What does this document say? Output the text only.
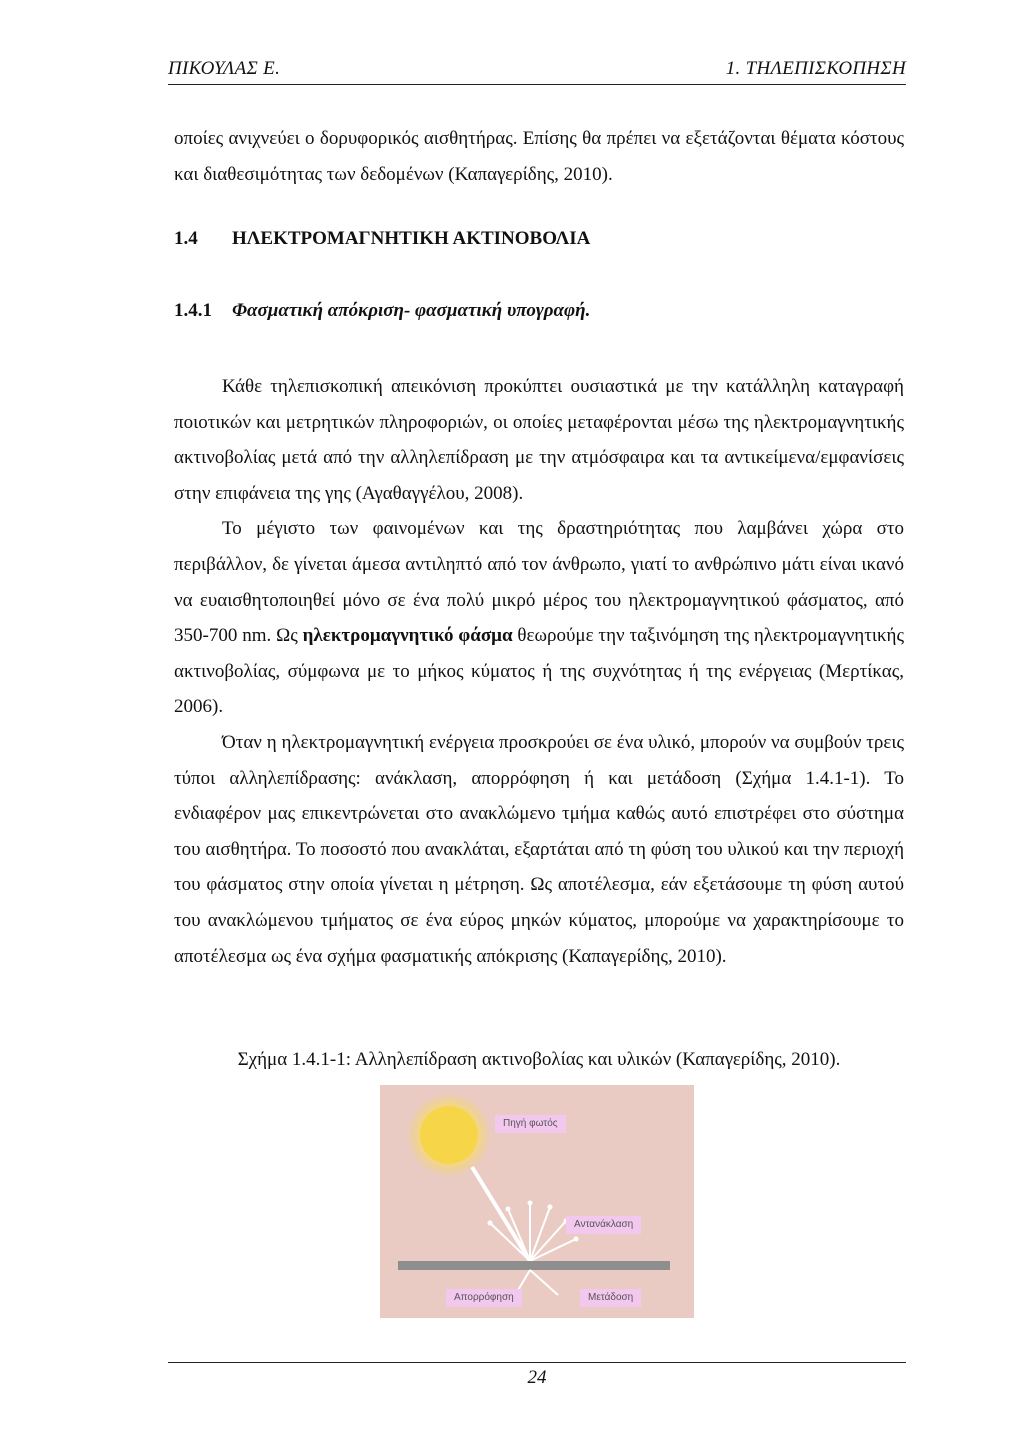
ΠΙΚΟΥΛΑΣ Ε.	1. ΤΗΛΕΠΙΣΚΟΠΗΣΗ

οποίες ανιχνεύει ο δορυφορικός αισθητήρας. Επίσης θα πρέπει να εξετάζονται θέματα κόστους και διαθεσιμότητας των δεδομένων (Καπαγερίδης, 2010).

1.4 ΗΛΕΚΤΡΟΜΑΓΝΗΤΙΚΗ ΑΚΤΙΝΟΒΟΛΙΑ
1.4.1 Φασματική απόκριση- φασματική υπογραφή.

Κάθε τηλεπισκοπική απεικόνιση προκύπτει ουσιαστικά με την κατάλληλη καταγραφή ποιοτικών και μετρητικών πληροφοριών, οι οποίες μεταφέρονται μέσω της ηλεκτρομαγνητικής ακτινοβολίας μετά από την αλληλεπίδραση με την ατμόσφαιρα και τα αντικείμενα/εμφανίσεις στην επιφάνεια της γης (Αγαθαγγέλου, 2008).

Το μέγιστο των φαινομένων και της δραστηριότητας που λαμβάνει χώρα στο περιβάλλον, δε γίνεται άμεσα αντιληπτό από τον άνθρωπο, γιατί το ανθρώπινο μάτι είναι ικανό να ευαισθητοποιηθεί μόνο σε ένα πολύ μικρό μέρος του ηλεκτρομαγνητικού φάσματος, από 350-700 nm. Ως ηλεκτρομαγνητικό φάσμα θεωρούμε την ταξινόμηση της ηλεκτρομαγνητικής ακτινοβολίας, σύμφωνα με το μήκος κύματος ή της συχνότητας ή της ενέργειας (Μερτίκας, 2006).

Όταν η ηλεκτρομαγνητική ενέργεια προσκρούει σε ένα υλικό, μπορούν να συμβούν τρεις τύποι αλληλεπίδρασης: ανάκλαση, απορρόφηση ή και μετάδοση (Σχήμα 1.4.1-1). Το ενδιαφέρον μας επικεντρώνεται στο ανακλώμενο τμήμα καθώς αυτό επιστρέφει στο σύστημα του αισθητήρα. Το ποσοστό που ανακλάται, εξαρτάται από τη φύση του υλικού και την περιοχή του φάσματος στην οποία γίνεται η μέτρηση. Ως αποτέλεσμα, εάν εξετάσουμε τη φύση αυτού του ανακλώμενου τμήματος σε ένα εύρος μηκών κύματος, μπορούμε να χαρακτηρίσουμε το αποτέλεσμα ως ένα σχήμα φασματικής απόκρισης (Καπαγερίδης, 2010).

Σχήμα 1.4.1-1: Αλληλεπίδραση ακτινοβολίας και υλικών (Καπαγερίδης, 2010).
Πηγή φωτός
Αντανάκλαση
Απορρόφηση	Μετάδοση
24
